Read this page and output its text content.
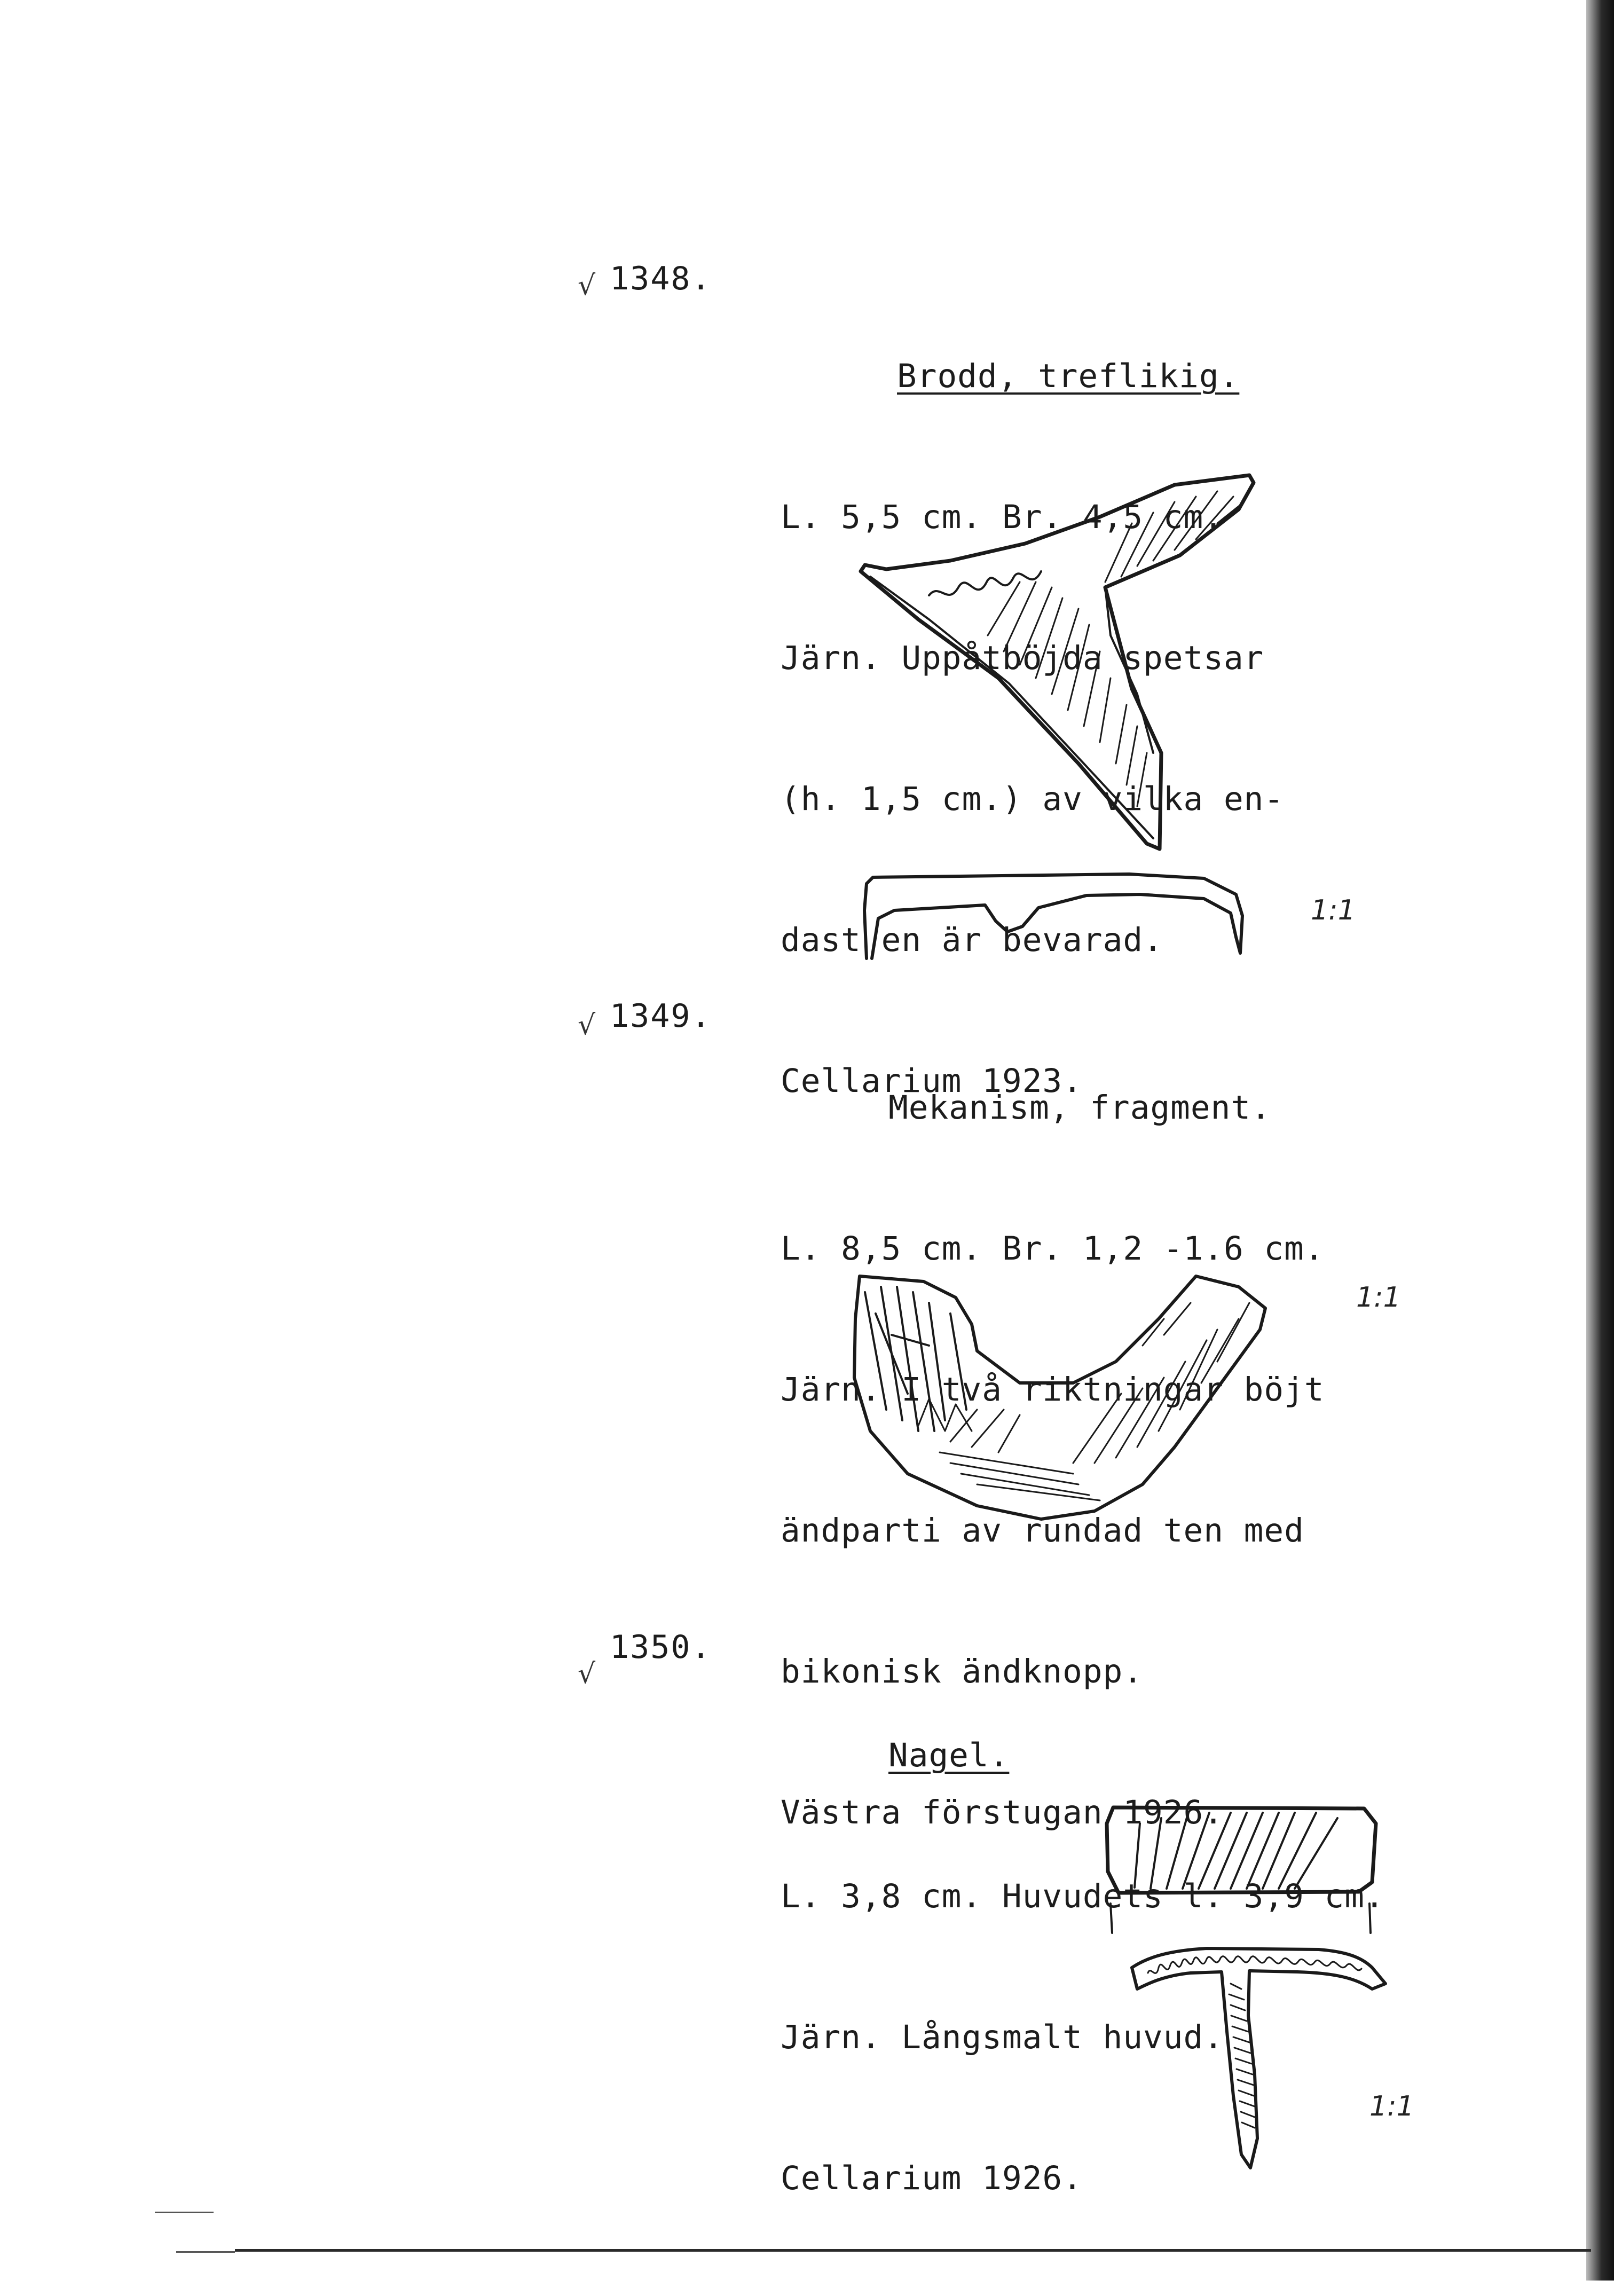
√ 1348.

Brodd, treflikig.

L. 5,5 cm. Br. 4,5 cm.

Järn. Uppåtböjda spetsar

(h. 1,5 cm.) av vilka en-

dast en är bevarad.

Cellarium 1923.

1:1
√ 1349.

Mekanism, fragment.

L. 8,5 cm. Br. 1,2 -1.6 cm.

Järn. I två riktningar böjt

ändparti av rundad ten med

bikonisk ändknopp.

Västra förstugan 1926.

1:1
√
1350.

Nagel.

L. 3,8 cm. Huvudets l. 3,9 cm.

Järn. Långsmalt huvud.

Cellarium 1926.

1:1
